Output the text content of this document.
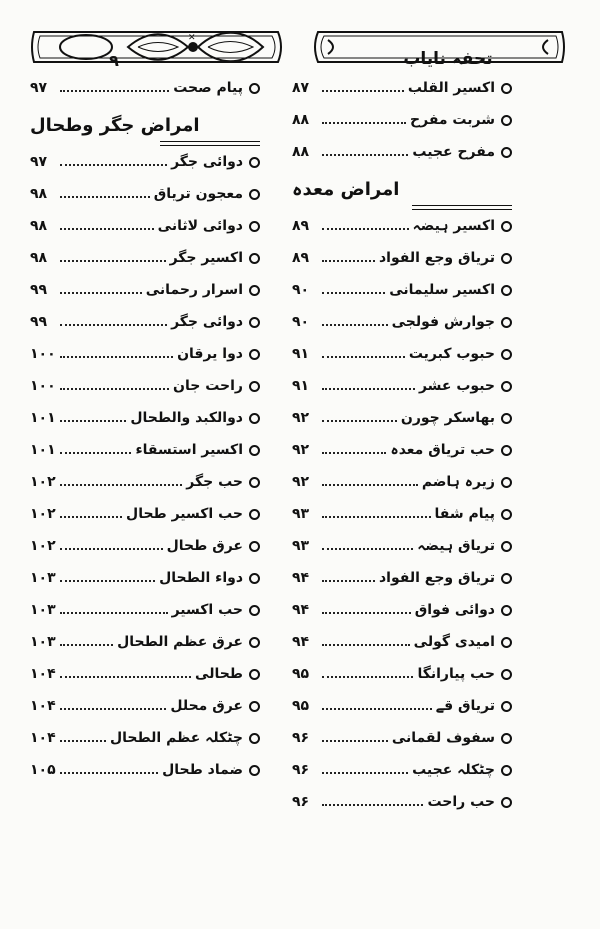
✕
۹	تحفہ نایاب
اکسیر القلب
۸۷
شربت مفرح
۸۸
مفرح عجیب
۸۸
امراض معدہ
اکسیر ہیضہ
۸۹
تریاق وجع الفواد
۸۹
اکسیر سلیمانی
۹۰
جوارش فولجی
۹۰
حبوب کبریت
۹۱
حبوب عشر
۹۱
بھاسکر چورن
۹۲
حب تریاق معدہ
۹۲
زیرہ ہاضم
۹۲
پیام شفا
۹۳
تریاق ہیضہ
۹۳
تریاق وجع الفواد
۹۴
دوائی فواق
۹۴
امیدی گولی
۹۴
حب پیارانگا
۹۵
تریاق قے
۹۵
سفوف لقمانی
۹۶
چٹکلہ عجیب
۹۶
حب راحت
۹۶
پیام صحت
۹۷
امراض جگر وطحال
دوائی جگر
۹۷
معجون تریاق
۹۸
دوائی لاثانی
۹۸
اکسیر جگر
۹۸
اسرار رحمانی
۹۹
دوائی جگر
۹۹
دوا یرقان
۱۰۰
راحت جان
۱۰۰
دوالکبد والطحال
۱۰۱
اکسیر استسقاء
۱۰۱
حب جگر
۱۰۲
حب اکسیر طحال
۱۰۲
عرق طحال
۱۰۲
دواء الطحال
۱۰۳
حب اکسیر
۱۰۳
عرق عظم الطحال
۱۰۳
طحالی
۱۰۴
عرق محلل
۱۰۴
چٹکلہ عظم الطحال
۱۰۴
ضماد طحال
۱۰۵
